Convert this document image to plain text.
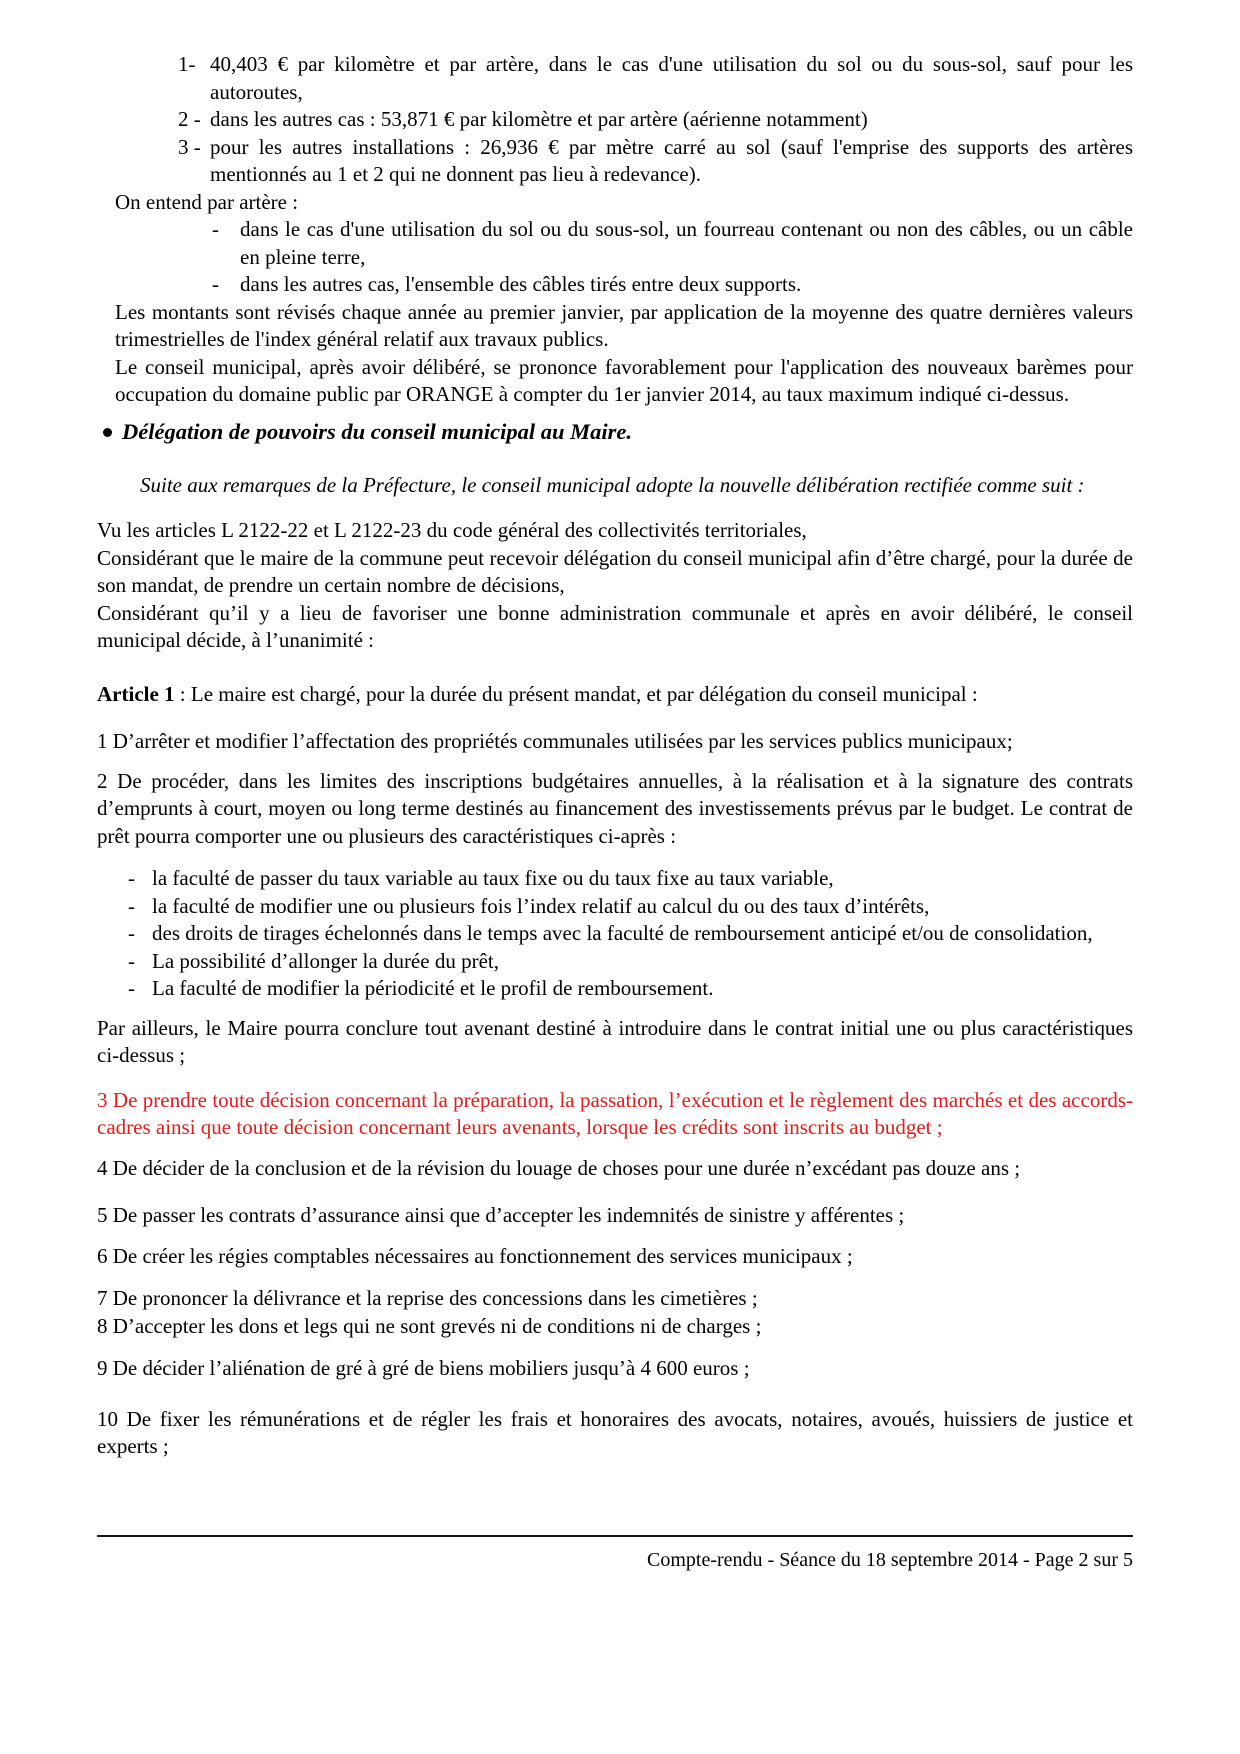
1- 40,403 € par kilomètre et par artère, dans le cas d'une utilisation du sol ou du sous-sol, sauf pour les autoroutes,
2 - dans les autres cas : 53,871 € par kilomètre et par artère (aérienne notamment)
3 - pour les autres installations : 26,936 € par mètre carré au sol (sauf l'emprise des supports des artères mentionnés au 1 et 2 qui ne donnent pas lieu à redevance).

On entend par artère :

-	dans le cas d'une utilisation du sol ou du sous-sol, un fourreau contenant ou non des câbles, ou un câble en pleine terre,
-	dans les autres cas, l'ensemble des câbles tirés entre deux supports.

Les montants sont révisés chaque année au premier janvier, par application de la moyenne des quatre dernières valeurs trimestrielles de l'index général relatif aux travaux publics.

Le conseil municipal, après avoir délibéré, se prononce favorablement pour l'application des nouveaux barèmes pour occupation du domaine public par ORANGE à compter du 1er janvier 2014, au taux maximum indiqué ci-dessus.

Délégation de pouvoirs du conseil municipal au Maire.

Suite aux remarques de la Préfecture, le conseil municipal adopte la nouvelle délibération rectifiée comme suit :

Vu les articles L 2122-22 et L 2122-23 du code général des collectivités territoriales,

Considérant que le maire de la commune peut recevoir délégation du conseil municipal afin d’être chargé, pour la durée de son mandat, de prendre un certain nombre de décisions,

Considérant qu’il y a lieu de favoriser une bonne administration communale et après en avoir délibéré, le conseil municipal décide, à l’unanimité :

Article 1 : Le maire est chargé, pour la durée du présent mandat, et par délégation du conseil municipal :

1 D’arrêter et modifier l’affectation des propriétés communales utilisées par les services publics municipaux;

2 De procéder, dans les limites des inscriptions budgétaires annuelles, à la réalisation et à la signature des contrats d’emprunts à court, moyen ou long terme destinés au financement des investissements prévus par le budget. Le contrat de prêt pourra comporter une ou plusieurs des caractéristiques ci-après :

- la faculté de passer du taux variable au taux fixe ou du taux fixe au taux variable,
- la faculté de modifier une ou plusieurs fois l’index relatif au calcul du ou des taux d’intérêts,
- des droits de tirages échelonnés dans le temps avec la faculté de remboursement anticipé et/ou de consolidation,
- La possibilité d’allonger la durée du prêt,
- La faculté de modifier la périodicité et le profil de remboursement.

Par ailleurs, le Maire pourra conclure tout avenant destiné à introduire dans le contrat initial une ou plus caractéristiques ci-dessus ;

3 De prendre toute décision concernant la préparation, la passation, l’exécution et le règlement des marchés et des accords-cadres ainsi que toute décision concernant leurs avenants, lorsque les crédits sont inscrits au budget ;

4 De décider de la conclusion et de la révision du louage de choses pour une durée n’excédant pas douze ans ;

5 De passer les contrats d’assurance ainsi que d’accepter les indemnités de sinistre y afférentes ;

6 De créer les régies comptables nécessaires au fonctionnement des services municipaux ;

7 De prononcer la délivrance et la reprise des concessions dans les cimetières ;

8 D’accepter les dons et legs qui ne sont grevés ni de conditions ni de charges ;

9 De décider l’aliénation de gré à gré de biens mobiliers jusqu’à 4 600 euros ;

10 De fixer les rémunérations et de régler les frais et honoraires des avocats, notaires, avoués, huissiers de justice et experts ;

Compte-rendu - Séance du 18 septembre 2014 - Page 2 sur 5
